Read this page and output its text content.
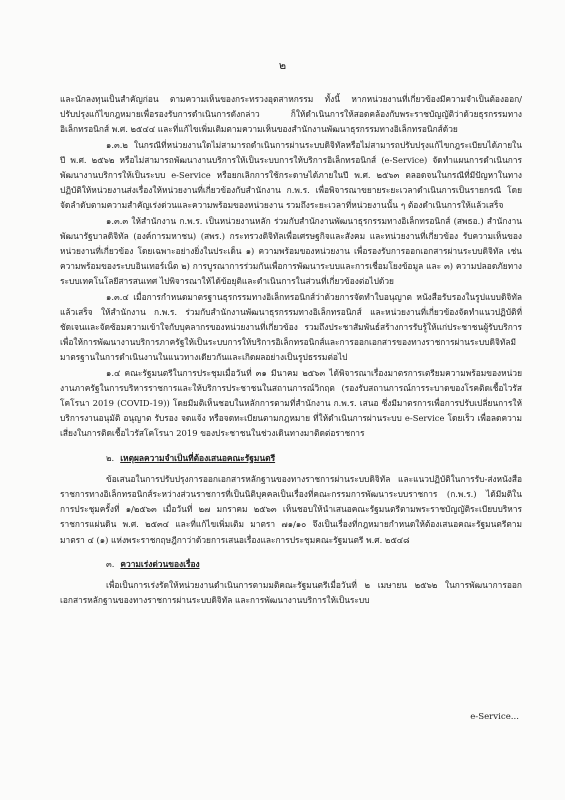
๒

และนักลงทุนเป็นสำคัญก่อน ตามความเห็นของกระทรวงอุตสาหกรรม ทั้งนี้ หากหน่วยงานที่เกี่ยวข้องมีความจำเป็นต้องออก/ปรับปรุงแก้ไขกฎหมายเพื่อรองรับการดำเนินการดังกล่าว ก็ให้ดำเนินการให้สอดคล้องกับพระราชบัญญัติว่าด้วยธุรกรรมทางอิเล็กทรอนิกส์ พ.ศ. ๒๕๔๔ และที่แก้ไขเพิ่มเติมตามความเห็นของสำนักงานพัฒนาธุรกรรมทางอิเล็กทรอนิกส์ด้วย

๑.๓.๒ ในกรณีที่หน่วยงานใดไม่สามารถดำเนินการผ่านระบบดิจิทัลหรือไม่สามารถปรับปรุงแก้ไขกฎระเบียบได้ภายในปี พ.ศ. ๒๕๖๒ หรือไม่สามารถพัฒนางานบริการให้เป็นระบบการให้บริการอิเล็กทรอนิกส์ (e-Service) จัดทำแผนการดำเนินการพัฒนางานบริการให้เป็นระบบ e-Service หรือยกเลิกการใช้กระดาษได้ภายในปี พ.ศ. ๒๕๖๓ ตลอดจนในกรณีที่มีปัญหาในทางปฏิบัติให้หน่วยงานส่งเรื่องให้หน่วยงานที่เกี่ยวข้องกับสำนักงาน ก.พ.ร. เพื่อพิจารณาขยายระยะเวลาดำเนินการเป็นรายกรณี โดยจัดลำดับตามความสำคัญเร่งด่วนและความพร้อมของหน่วยงาน รวมถึงระยะเวลาที่หน่วยงานนั้น ๆ ต้องดำเนินการให้แล้วเสร็จ

๑.๓.๓ ให้สำนักงาน ก.พ.ร. เป็นหน่วยงานหลัก ร่วมกับสำนักงานพัฒนาธุรกรรมทางอิเล็กทรอนิกส์ (สพธอ.) สำนักงานพัฒนารัฐบาลดิจิทัล (องค์การมหาชน) (สพร.) กระทรวงดิจิทัลเพื่อเศรษฐกิจและสังคม และหน่วยงานที่เกี่ยวข้อง รับความเห็นของหน่วยงานที่เกี่ยวข้อง โดยเฉพาะอย่างยิ่งในประเด็น ๑) ความพร้อมของหน่วยงาน เพื่อรองรับการออกเอกสารผ่านระบบดิจิทัล เช่น ความพร้อมของระบบอินเทอร์เน็ต ๒) การบูรณาการร่วมกันเพื่อการพัฒนาระบบและการเชื่อมโยงข้อมูล และ ๓) ความปลอดภัยทางระบบเทคโนโลยีสารสนเทศ ไปพิจารณาให้ได้ข้อยุติและดำเนินการในส่วนที่เกี่ยวข้องต่อไปด้วย

๑.๓.๔ เมื่อการกำหนดมาตรฐานธุรกรรมทางอิเล็กทรอนิกส์ว่าด้วยการจัดทำใบอนุญาต หนังสือรับรองในรูปแบบดิจิทัลแล้วเสร็จ ให้สำนักงาน ก.พ.ร. ร่วมกับสำนักงานพัฒนาธุรกรรมทางอิเล็กทรอนิกส์ และหน่วยงานที่เกี่ยวข้องจัดทำแนวปฏิบัติที่ชัดเจนและจัดซ้อมความเข้าใจกับบุคลากรของหน่วยงานที่เกี่ยวข้อง รวมถึงประชาสัมพันธ์สร้างการรับรู้ให้แก่ประชาชนผู้รับบริการ เพื่อให้การพัฒนางานบริการภาครัฐให้เป็นระบบการให้บริการอิเล็กทรอนิกส์และการออกเอกสารของทางราชการผ่านระบบดิจิทัลมีมาตรฐานในการดำเนินงานในแนวทางเดียวกันและเกิดผลอย่างเป็นรูปธรรมต่อไป

๑.๔ คณะรัฐมนตรีในการประชุมเมื่อวันที่ ๓๑ มีนาคม ๒๕๖๓ ได้พิจารณาเรื่องมาตรการเตรียมความพร้อมของหน่วยงานภาครัฐในการบริหารราชการและให้บริการประชาชนในสถานการณ์วิกฤต (รองรับสถานการณ์การระบาดของโรคติดเชื้อไวรัสโคโรนา 2019 (COVID-19)) โดยมีมติเห็นชอบในหลักการตามที่สำนักงาน ก.พ.ร. เสนอ ซึ่งมีมาตรการเพื่อการปรับเปลี่ยนการให้บริการงานอนุมัติ อนุญาต รับรอง จดแจ้ง หรือจดทะเบียนตามกฎหมาย ที่ให้ดำเนินการผ่านระบบ e-Service โดยเร็ว เพื่อลดความเสี่ยงในการติดเชื้อไวรัสโคโรนา 2019 ของประชาชนในช่วงเดินทางมาติดต่อราชการ

๒. เหตุผลความจำเป็นที่ต้องเสนอคณะรัฐมนตรี

ข้อเสนอในการปรับปรุงการออกเอกสารหลักฐานของทางราชการผ่านระบบดิจิทัล และแนวปฏิบัติในการรับ-ส่งหนังสือราชการทางอิเล็กทรอนิกส์ระหว่างส่วนราชการที่เป็นนิติบุคคลเป็นเรื่องที่คณะกรรมการพัฒนาระบบราชการ (ก.พ.ร.) ได้มีมติในการประชุมครั้งที่ ๑/๒๕๖๓ เมื่อวันที่ ๒๗ มกราคม ๒๕๖๓ เห็นชอบให้นำเสนอคณะรัฐมนตรีตามพระราชบัญญัติระเบียบบริหารราชการแผ่นดิน พ.ศ. ๒๕๓๔ และที่แก้ไขเพิ่มเติม มาตรา ๗๑/๑๐ จึงเป็นเรื่องที่กฎหมายกำหนดให้ต้องเสนอคณะรัฐมนตรีตามมาตรา ๔ (๑) แห่งพระราชกฤษฎีกาว่าด้วยการเสนอเรื่องและการประชุมคณะรัฐมนตรี พ.ศ. ๒๕๔๘

๓. ความเร่งด่วนของเรื่อง

เพื่อเป็นการเร่งรัดให้หน่วยงานดำเนินการตามมติคณะรัฐมนตรีเมื่อวันที่ ๒ เมษายน ๒๕๖๒ ในการพัฒนาการออกเอกสารหลักฐานของทางราชการผ่านระบบดิจิทัล และการพัฒนางานบริการให้เป็นระบบ

e-Service...
